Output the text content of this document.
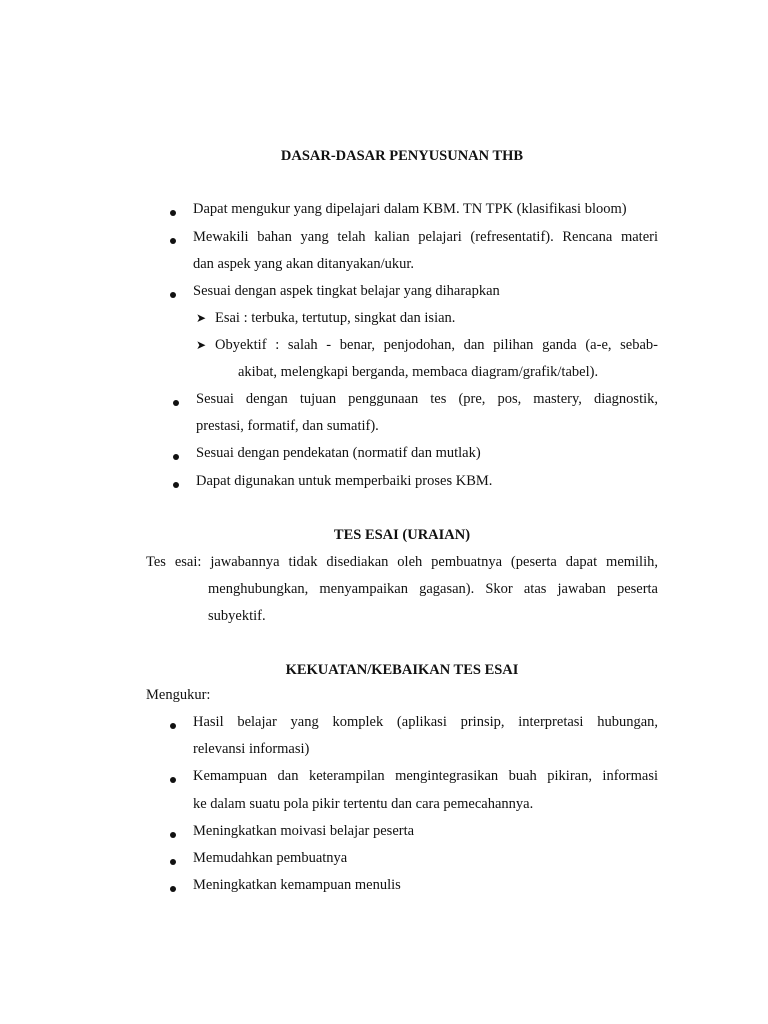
DASAR-DASAR PENYUSUNAN THB
Dapat mengukur yang dipelajari dalam KBM. TN TPK (klasifikasi bloom)
Mewakili bahan yang telah kalian pelajari (refresentatif). Rencana materi
dan aspek yang akan ditanyakan/ukur.
Sesuai dengan aspek tingkat belajar yang diharapkan
➤ Esai : terbuka, tertutup, singkat dan isian.
➤ Obyektif : salah - benar, penjodohan, dan pilihan ganda (a-e, sebab-
akibat, melengkapi berganda, membaca diagram/grafik/tabel).
Sesuai dengan tujuan penggunaan tes (pre, pos, mastery, diagnostik,
prestasi, formatif, dan sumatif).
Sesuai dengan pendekatan (normatif dan mutlak)
Dapat digunakan untuk memperbaiki proses KBM.
TES ESAI (URAIAN)
Tes esai: jawabannya tidak disediakan oleh pembuatnya (peserta dapat memilih,
menghubungkan, menyampaikan gagasan). Skor atas jawaban peserta
subyektif.
KEKUATAN/KEBAIKAN TES ESAI
Mengukur:
Hasil belajar yang komplek (aplikasi prinsip, interpretasi hubungan,
relevansi informasi)
Kemampuan dan keterampilan mengintegrasikan buah pikiran, informasi
ke dalam suatu pola pikir tertentu dan cara pemecahannya.
Meningkatkan moivasi belajar peserta
Memudahkan pembuatnya
Meningkatkan kemampuan menulis
